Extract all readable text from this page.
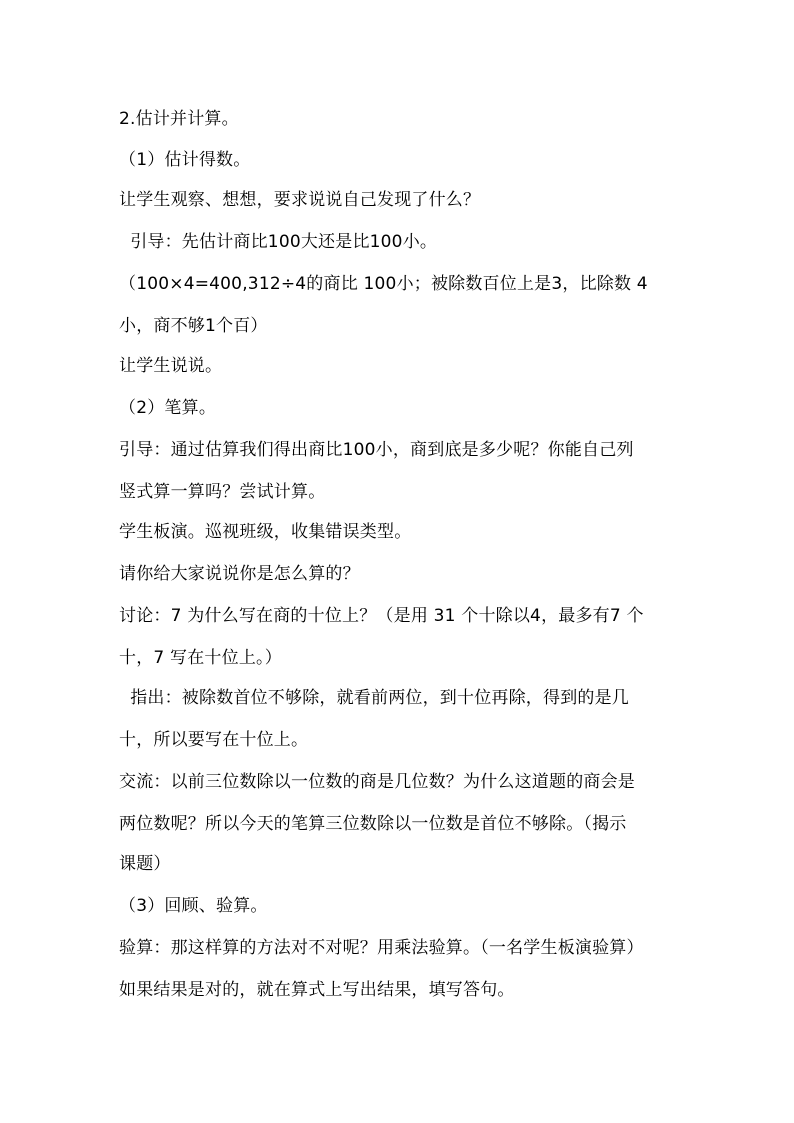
2.估计并计算。
（1）估计得数。
让学生观察、想想，要求说说自己发现了什么？
引导：先估计商比100大还是比100小。
（100×4=400,312÷4的商比 100小；被除数百位上是3，比除数 4
小，商不够1个百）
让学生说说。
（2）笔算。
引导：通过估算我们得出商比100小，商到底是多少呢？你能自己列
竖式算一算吗？尝试计算。
学生板演。巡视班级，收集错误类型。
请你给大家说说你是怎么算的？
讨论：7 为什么写在商的十位上？（是用 31 个十除以4，最多有7 个
十，7 写在十位上。）
指出：被除数首位不够除，就看前两位，到十位再除，得到的是几
十，所以要写在十位上。
交流：以前三位数除以一位数的商是几位数？为什么这道题的商会是
两位数呢？所以今天的笔算三位数除以一位数是首位不够除。（揭示
课题）
（3）回顾、验算。
验算：那这样算的方法对不对呢？用乘法验算。（一名学生板演验算）
如果结果是对的，就在算式上写出结果，填写答句。
